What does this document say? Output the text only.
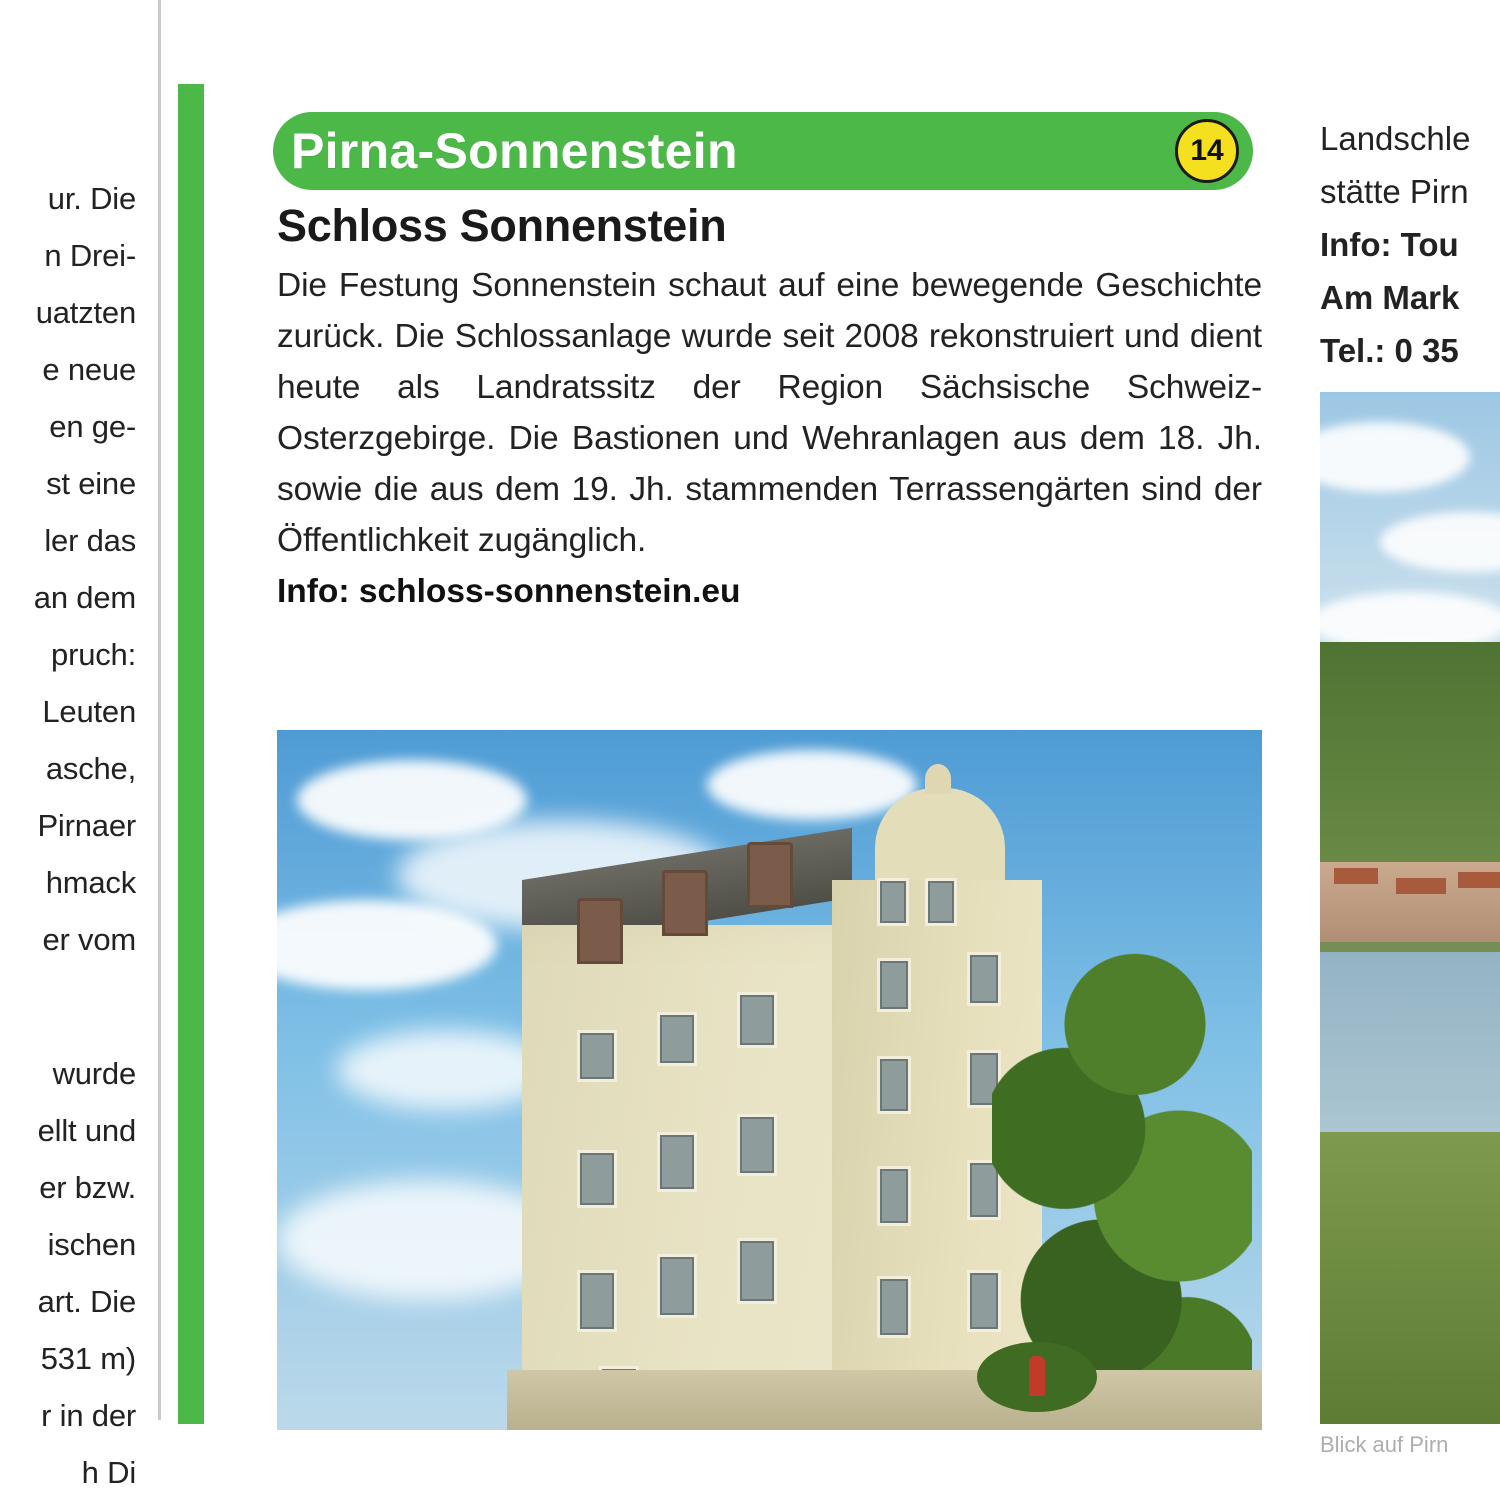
ur. Die
n Drei-
uatzten
e neue
en ge-
st eine
ler das
an dem
pruch:
Leuten
asche,
Pirnaer
hmack
er vom
wurde
ellt und
er bzw.
ischen
art. Die
531 m)
r in der
h Di
Pirna-Sonnenstein	14
Schloss Sonnenstein

Die Festung Sonnenstein schaut auf eine bewegende Geschichte zurück. Die Schlossanlage wurde seit 2008 rekonstruiert und dient heute als Landratssitz der Region Sächsische Schweiz-Osterzgebirge. Die Bastionen und Wehranlagen aus dem 18. Jh. sowie die aus dem 19. Jh. stammenden Terrassengärten sind der Öffentlichkeit zugänglich.

Info: schloss-sonnenstein.eu
Landschle
stätte Pirn
Info: Tou
Am Mark
Tel.: 0 35
Blick auf Pirn
